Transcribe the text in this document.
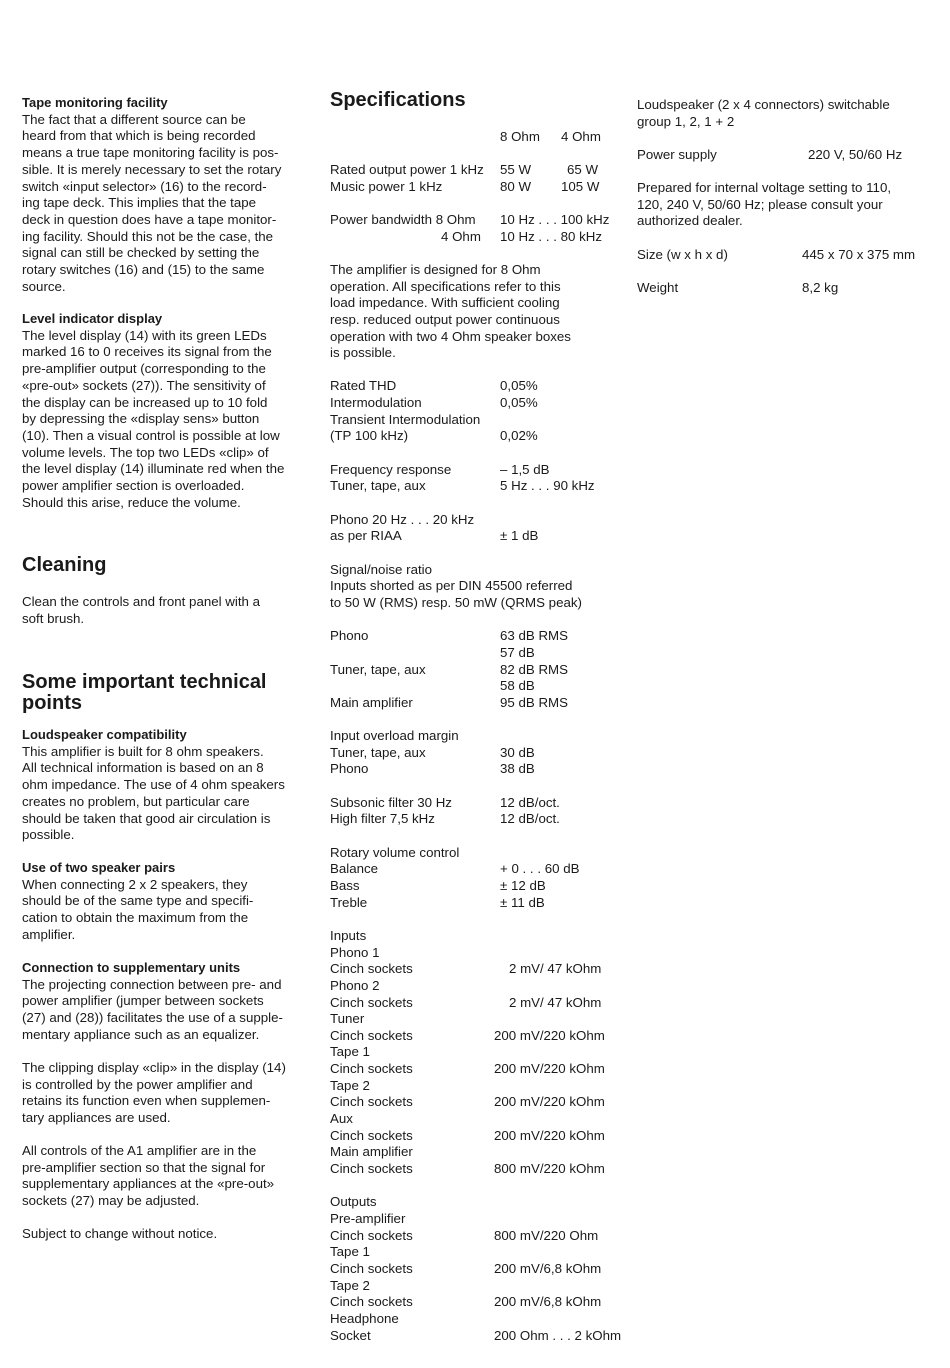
Tape monitoring facility

The fact that a different source can be

heard from that which is being recorded

means a true tape monitoring facility is pos-

sible. It is merely necessary to set the rotary

switch «input selector» (16) to the record-

ing tape deck. This implies that the tape

deck in question does have a tape monitor-

ing facility. Should this not be the case, the

signal can still be checked by setting the

rotary switches (16) and (15) to the same

source.

Level indicator display

The level display (14) with its green LEDs

marked 16 to 0 receives its signal from the

pre-amplifier output (corresponding to the

«pre-out» sockets (27)). The sensitivity of

the display can be increased up to 10 fold

by depressing the «display sens» button

(10). Then a visual control is possible at low

volume levels. The top two LEDs «clip» of

the level display (14) illuminate red when the

power amplifier section is overloaded.

Should this arise, reduce the volume.

Cleaning

Clean the controls and front panel with a

soft brush.

Some important technical
points
Loudspeaker compatibility

This amplifier is built for 8 ohm speakers.

All technical information is based on an 8

ohm impedance. The use of 4 ohm speakers

creates no problem, but particular care

should be taken that good air circulation is

possible.

Use of two speaker pairs

When connecting 2 x 2 speakers, they

should be of the same type and specifi-

cation to obtain the maximum from the

amplifier.

Connection to supplementary units

The projecting connection between pre- and

power amplifier (jumper between sockets

(27) and (28)) facilitates the use of a supple-

mentary appliance such as an equalizer.

The clipping display «clip» in the display (14)

is controlled by the power amplifier and

retains its function even when supplemen-

tary appliances are used.

All controls of the A1 amplifier are in the

pre-amplifier section so that the signal for

supplementary appliances at the «pre-out»

sockets (27) may be adjusted.

Subject to change without notice.
Specifications
8 Ohm 4 Ohm
Rated output power 1 kHz 55 W	65 W
Music power 1 kHz	80 W 105 W
Power bandwidth 8 Ohm 10 Hz . . . 100 kHz
4 Ohm 10 Hz . . . 80 kHz
The amplifier is designed for 8 Ohm
operation. All specifications refer to this
load impedance. With sufficient cooling
resp. reduced output power continuous
operation with two 4 Ohm speaker boxes
is possible.
Rated THD	0,05%
Intermodulation	0,05%
Transient Intermodulation
(TP 100 kHz)	0,02%
Frequency response	– 1,5 dB
Tuner, tape, aux	5 Hz . . . 90 kHz
Phono 20 Hz . . . 20 kHz
as per RIAA	± 1 dB
Signal/noise ratio
Inputs shorted as per DIN 45500 referred
to 50 W (RMS) resp. 50 mW (QRMS peak)
Phono	63 dB RMS
57 dB
Tuner, tape, aux	82 dB RMS
58 dB
Main amplifier	95 dB RMS
Input overload margin
Tuner, tape, aux	30 dB
Phono	38 dB
Subsonic filter 30 Hz	12 dB/oct.
High filter 7,5 kHz	12 dB/oct.
Rotary volume control
Balance	+ 0 . . . 60 dB
Bass	± 12 dB
Treble	± 11 dB
Inputs
Phono 1
Cinch sockets	2 mV/ 47 kOhm
Phono 2
Cinch sockets	2 mV/ 47 kOhm
Tuner
Cinch sockets	200 mV/220 kOhm
Tape 1
Cinch sockets	200 mV/220 kOhm
Tape 2
Cinch sockets	200 mV/220 kOhm
Aux
Cinch sockets	200 mV/220 kOhm
Main amplifier
Cinch sockets	800 mV/220 kOhm
Outputs
Pre-amplifier
Cinch sockets	800 mV/220 Ohm
Tape 1
Cinch sockets	200 mV/6,8 kOhm
Tape 2
Cinch sockets	200 mV/6,8 kOhm
Headphone
Socket	200 Ohm . . . 2 kOhm

Loudspeaker (2 x 4 connectors) switchable

group 1, 2, 1 + 2

Power supply	220 V, 50/60 Hz

Prepared for internal voltage setting to 110,

120, 240 V, 50/60 Hz; please consult your

authorized dealer.

Size (w x h x d)	445 x 70 x 375 mm
Weight	8,2 kg
